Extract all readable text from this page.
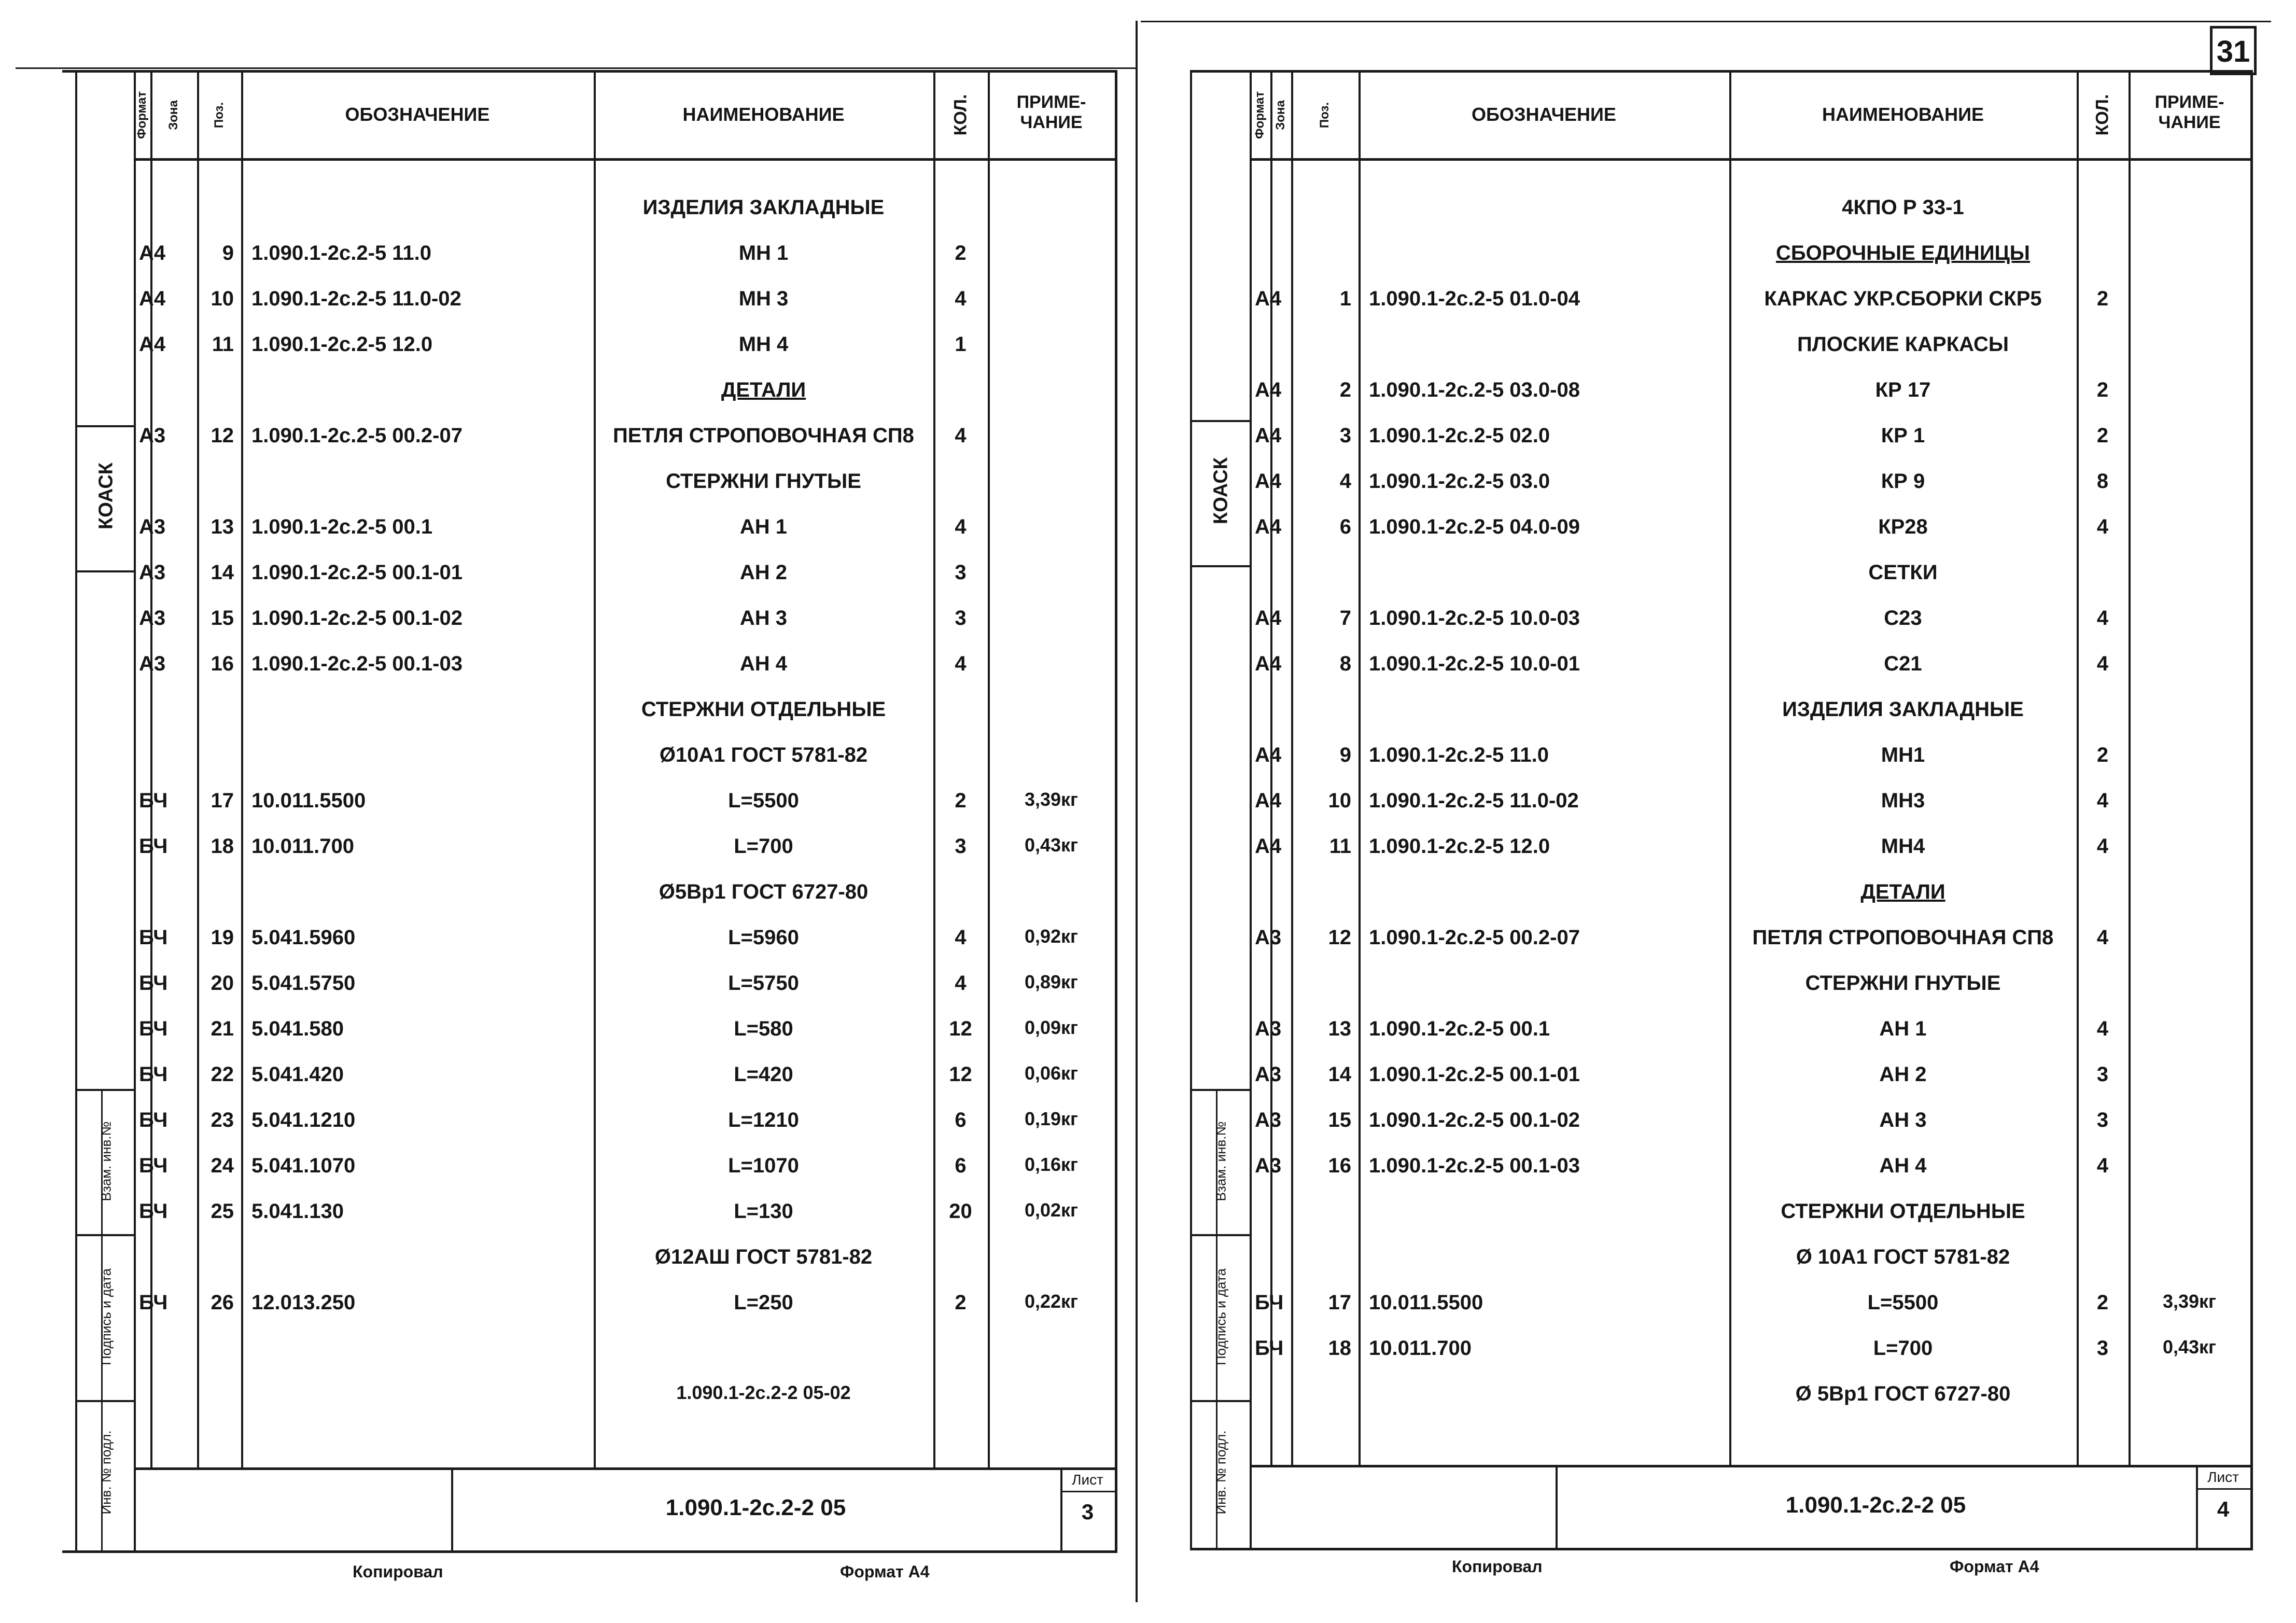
31
КОАСК
Взам. инв.№
Подпись и дата
Инв. № подл.
Формат Зона	Поз.	ОБОЗНАЧЕНИЕ	НАИМЕНОВАНИЕ	КОЛ.	ПРИМЕ-
ЧАНИЕ
ИЗДЕЛИЯ ЗАКЛАДНЫЕ
А4	9 1.090.1-2с.2-5 11.0	МН 1	2
А4	10 1.090.1-2с.2-5 11.0-02	МН 3	4
А4	11 1.090.1-2с.2-5 12.0	МН 4	1
ДЕТАЛИ
А3	12 1.090.1-2с.2-5 00.2-07	ПЕТЛЯ СТРОПОВОЧНАЯ СП8	4
СТЕРЖНИ ГНУТЫЕ
А3	13 1.090.1-2с.2-5 00.1	АН 1	4
А3	14 1.090.1-2с.2-5 00.1-01	АН 2	3
А3	15 1.090.1-2с.2-5 00.1-02	АН 3	3
А3	16 1.090.1-2с.2-5 00.1-03	АН 4	4
СТЕРЖНИ ОТДЕЛЬНЫЕ
Ø10А1 ГОСТ 5781-82
БЧ	17 10.011.5500	L=5500	2	3,39кг
БЧ	18 10.011.700	L=700	3	0,43кг
Ø5Вр1 ГОСТ 6727-80
БЧ	19 5.041.5960	L=5960	4	0,92кг
БЧ	20 5.041.5750	L=5750	4	0,89кг
БЧ	21 5.041.580	L=580	12	0,09кг
БЧ	22 5.041.420	L=420	12	0,06кг
БЧ	23 5.041.1210	L=1210	6	0,19кг
БЧ	24 5.041.1070	L=1070	6	0,16кг
БЧ	25 5.041.130	L=130	20	0,02кг
Ø12АШ ГОСТ 5781-82
БЧ	26 12.013.250	L=250	2	0,22кг
1.090.1-2с.2-2 05-02
1.090.1-2с.2-2 05
Лист
3
Копировал	Формат А4
КОАСК
Взам. инв.№
Подпись и дата
Инв. № подл.
Формат Зона Поз.	ОБОЗНАЧЕНИЕ	НАИМЕНОВАНИЕ	КОЛ.	ПРИМЕ-
ЧАНИЕ
4КПО Р 33-1
СБОРОЧНЫЕ ЕДИНИЦЫ
А4	1 1.090.1-2с.2-5 01.0-04	КАРКАС УКР.СБОРКИ СКР5	2
ПЛОСКИЕ КАРКАСЫ
А4	2 1.090.1-2с.2-5 03.0-08	КР 17	2
А4	3 1.090.1-2с.2-5 02.0	КР 1	2
А4	4 1.090.1-2с.2-5 03.0	КР 9	8
А4	6 1.090.1-2с.2-5 04.0-09	КР28	4
СЕТКИ
А4	7 1.090.1-2с.2-5 10.0-03	С23	4
А4	8 1.090.1-2с.2-5 10.0-01	С21	4
ИЗДЕЛИЯ ЗАКЛАДНЫЕ
А4	9 1.090.1-2с.2-5 11.0	МН1	2
А4	10 1.090.1-2с.2-5 11.0-02	МН3	4
А4	11 1.090.1-2с.2-5 12.0	МН4	4
ДЕТАЛИ
А3	12 1.090.1-2с.2-5 00.2-07	ПЕТЛЯ СТРОПОВОЧНАЯ СП8	4
СТЕРЖНИ ГНУТЫЕ
А3	13 1.090.1-2с.2-5 00.1	АН 1	4
А3	14 1.090.1-2с.2-5 00.1-01	АН 2	3
А3	15 1.090.1-2с.2-5 00.1-02	АН 3	3
А3	16 1.090.1-2с.2-5 00.1-03	АН 4	4
СТЕРЖНИ ОТДЕЛЬНЫЕ
Ø 10А1 ГОСТ 5781-82
БЧ	17 10.011.5500	L=5500	2	3,39кг
БЧ	18 10.011.700	L=700	3	0,43кг
Ø 5Вр1 ГОСТ 6727-80
1.090.1-2с.2-2 05
Лист
4
Копировал	Формат А4
